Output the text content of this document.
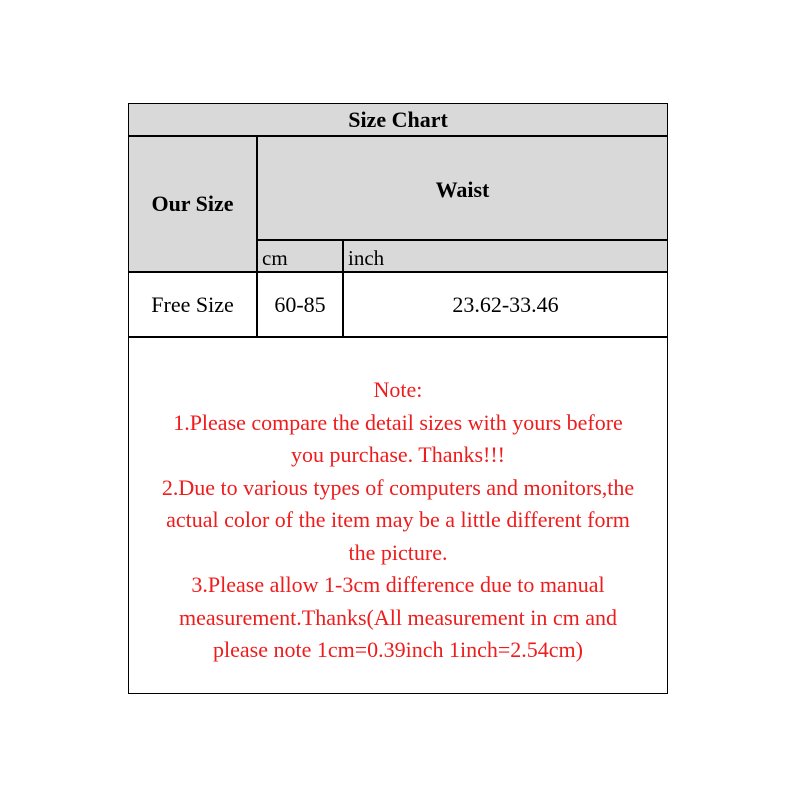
Size Chart
Our Size
Waist
cm	inch
Free Size	60-85	23.62-33.46
Note:
1.Please compare the detail sizes with yours before
you purchase. Thanks!!!
2.Due to various types of computers and monitors,the
actual color of the item may be a little different form
the picture.
3.Please allow 1-3cm difference due to manual
measurement.Thanks(All measurement in cm and
please note 1cm=0.39inch 1inch=2.54cm)
